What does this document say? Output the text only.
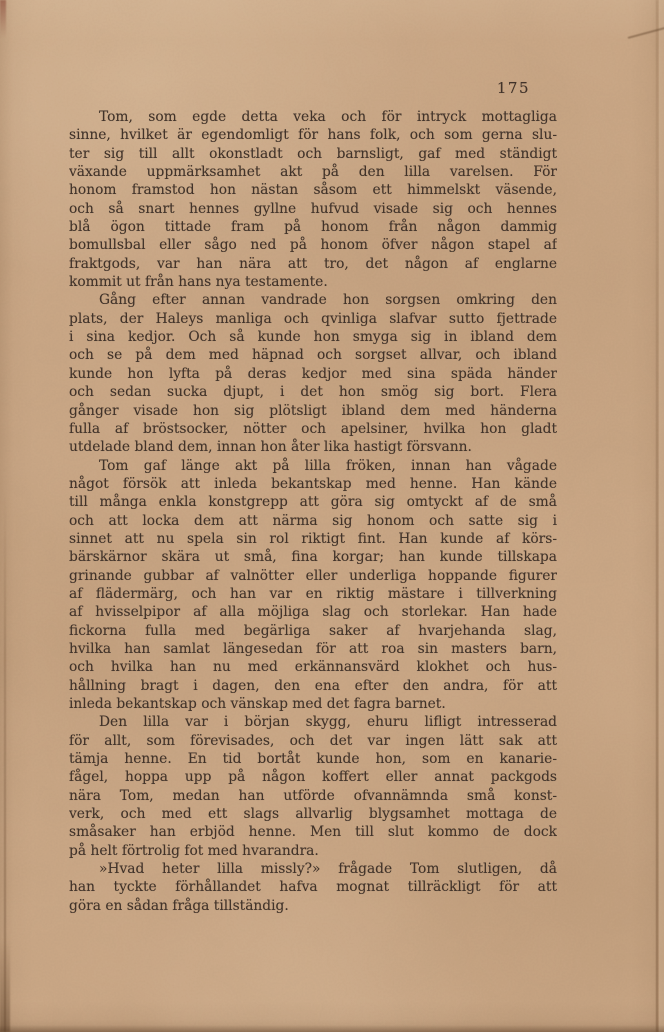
175
Tom, som egde detta veka och för intryck mottagliga
sinne, hvilket är egendomligt för hans folk, och som gerna slu-
ter sig till allt okonstladt och barnsligt, gaf med ständigt
växande uppmärksamhet akt på den lilla varelsen. För
honom framstod hon nästan såsom ett himmelskt väsende,
och så snart hennes gyllne hufvud visade sig och hennes
blå ögon tittade fram på honom från någon dammig
bomullsbal eller sågo ned på honom öfver någon stapel af
fraktgods, var han nära att tro, det någon af englarne
kommit ut från hans nya testamente.
Gång efter annan vandrade hon sorgsen omkring den
plats, der Haleys manliga och qvinliga slafvar sutto fjettrade
i sina kedjor. Och så kunde hon smyga sig in ibland dem
och se på dem med häpnad och sorgset allvar, och ibland
kunde hon lyfta på deras kedjor med sina späda händer
och sedan sucka djupt, i det hon smög sig bort. Flera
gånger visade hon sig plötsligt ibland dem med händerna
fulla af bröstsocker, nötter och apelsiner, hvilka hon gladt
utdelade bland dem, innan hon åter lika hastigt försvann.
Tom gaf länge akt på lilla fröken, innan han vågade
något försök att inleda bekantskap med henne. Han kände
till många enkla konstgrepp att göra sig omtyckt af de små
och att locka dem att närma sig honom och satte sig i
sinnet att nu spela sin rol riktigt fint. Han kunde af körs-
bärskärnor skära ut små, fina korgar; han kunde tillskapa
grinande gubbar af valnötter eller underliga hoppande figurer
af flädermärg, och han var en riktig mästare i tillverkning
af hvisselpipor af alla möjliga slag och storlekar. Han hade
fickorna fulla med begärliga saker af hvarjehanda slag,
hvilka han samlat längesedan för att roa sin masters barn,
och hvilka han nu med erkännansvärd klokhet och hus-
hållning bragt i dagen, den ena efter den andra, för att
inleda bekantskap och vänskap med det fagra barnet.
Den lilla var i början skygg, ehuru lifligt intresserad
för allt, som förevisades, och det var ingen lätt sak att
tämja henne. En tid bortåt kunde hon, som en kanarie-
fågel, hoppa upp på någon koffert eller annat packgods
nära Tom, medan han utförde ofvannämnda små konst-
verk, och med ett slags allvarlig blygsamhet mottaga de
småsaker han erbjöd henne. Men till slut kommo de dock
på helt förtrolig fot med hvarandra.
»Hvad heter lilla missly?» frågade Tom slutligen, då
han tyckte förhållandet hafva mognat tillräckligt för att
göra en sådan fråga tillständig.
